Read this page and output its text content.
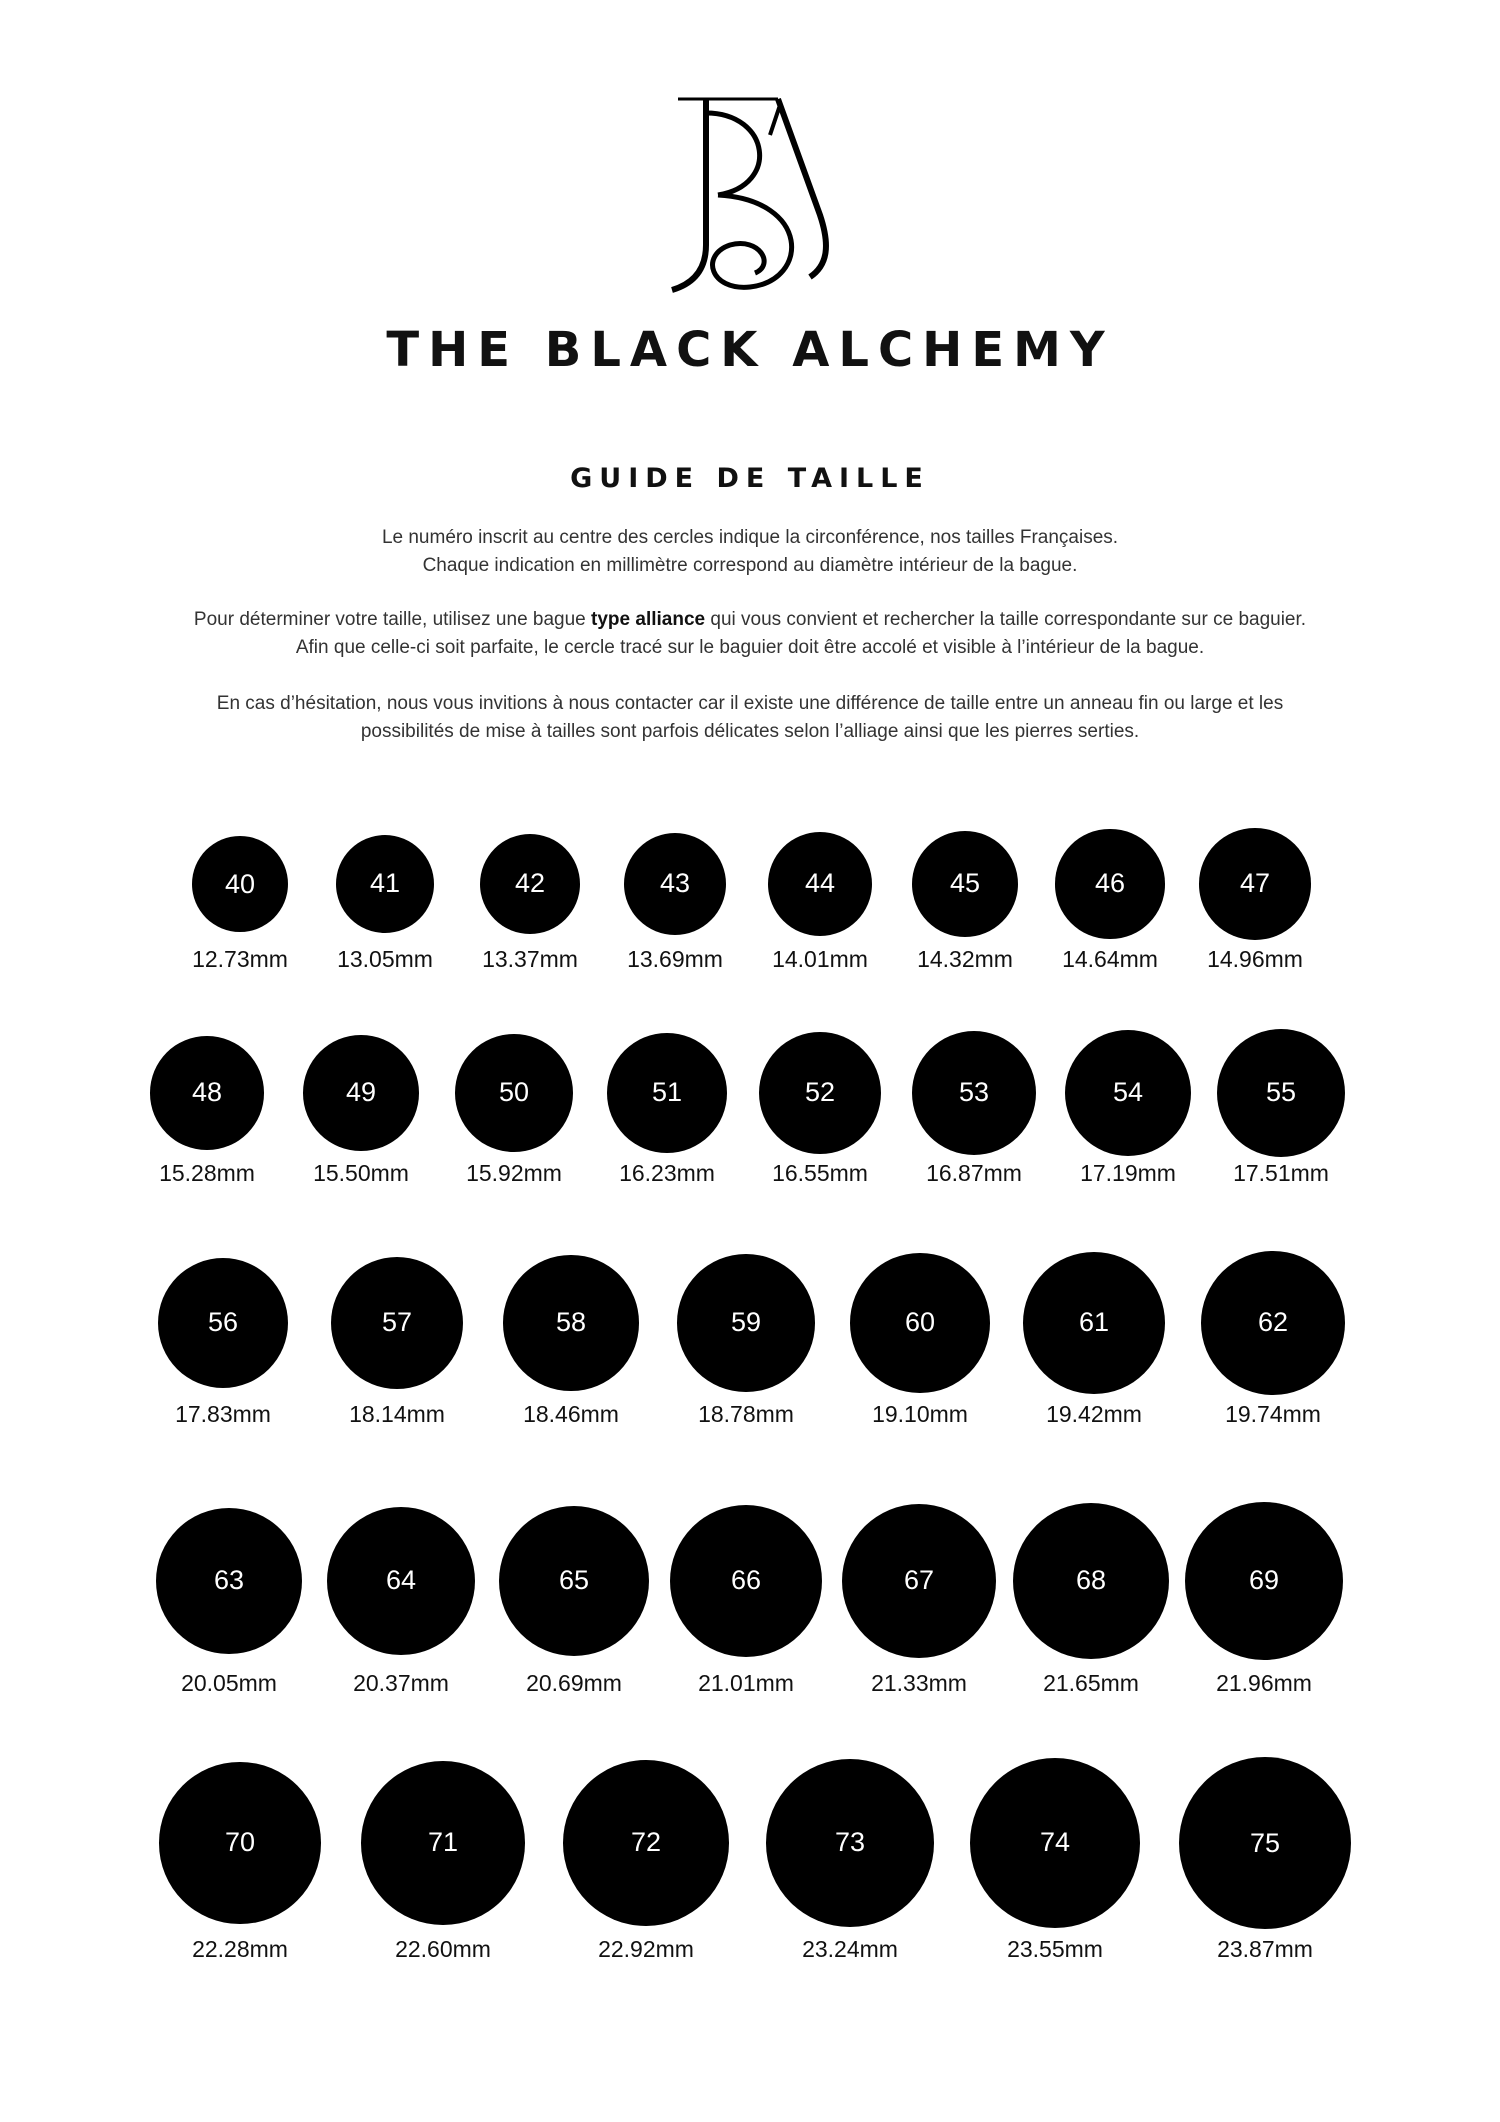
THE BLACK ALCHEMY
GUIDE DE TAILLE

Le numéro inscrit au centre des cercles indique la circonférence, nos tailles Françaises.
Chaque indication en millimètre correspond au diamètre intérieur de la bague.

Pour déterminer votre taille, utilisez une bague type alliance qui vous convient et rechercher la taille correspondante sur ce baguier.
Afin que celle-ci soit parfaite, le cercle tracé sur le baguier doit être accolé et visible à l’intérieur de la bague.

En cas d’hésitation, nous vous invitions à nous contacter car il existe une différence de taille entre un anneau fin ou large et les
possibilités de mise à tailles sont parfois délicates selon l’alliage ainsi que les pierres serties.

40
12.73mm
41
13.05mm
42
13.37mm
43
13.69mm
44
14.01mm
45
14.32mm
46
14.64mm
47
14.96mm
48
15.28mm
49
15.50mm
50
15.92mm
51
16.23mm
52
16.55mm
53
16.87mm
54
17.19mm
55
17.51mm
56
17.83mm
57
18.14mm
58
18.46mm
59
18.78mm
60
19.10mm
61
19.42mm
62
19.74mm
63
20.05mm
64
20.37mm
65
20.69mm
66
21.01mm
67
21.33mm
68
21.65mm
69
21.96mm
70
22.28mm
71
22.60mm
72
22.92mm
73
23.24mm
74
23.55mm
75
23.87mm
